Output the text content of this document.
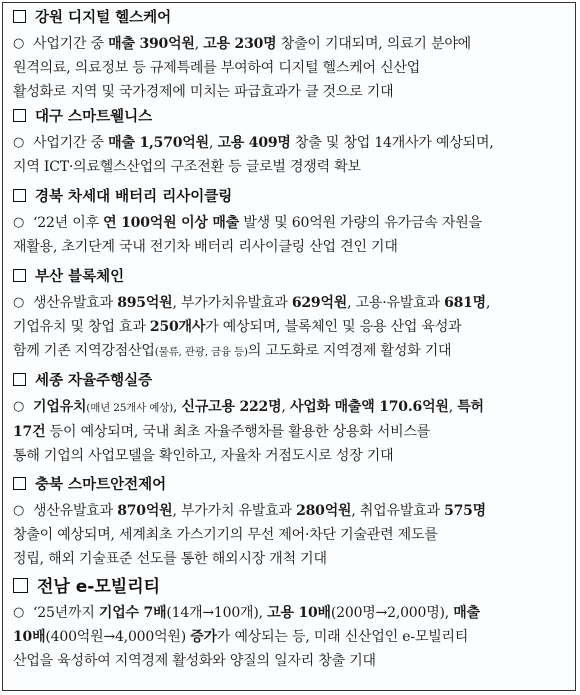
강원 디지털 헬스케어
○ 사업기간 중 매출 390억원, 고용 230명 창출이 기대되며, 의료기 분야에
원격의료, 의료정보 등 규제특례를 부여하여 디지털 헬스케어 신산업
활성화로 지역 및 국가경제에 미치는 파급효과가 클 것으로 기대
대구 스마트웰니스
○ 사업기간 중 매출 1,570억원, 고용 409명 창출 및 창업 14개사가 예상되며,
지역 ICT·의료헬스산업의 구조전환 등 글로벌 경쟁력 확보
경북 차세대 배터리 리사이클링
○ ‘22년 이후 연 100억원 이상 매출 발생 및 60억원 가량의 유가금속 자원을
재활용, 초기단계 국내 전기차 배터리 리사이클링 산업 견인 기대
부산 블록체인
○ 생산유발효과 895억원, 부가가치유발효과 629억원, 고용·유발효과 681명,
기업유치 및 창업 효과 250개사가 예상되며, 블록체인 및 응용 산업 육성과
함께 기존 지역강점산업(물류, 관광, 금융 등)의 고도화로 지역경제 활성화 기대
세종 자율주행실증
○ 기업유치(매년 25개사 예상), 신규고용 222명, 사업화 매출액 170.6억원, 특허
17건 등이 예상되며, 국내 최초 자율주행차를 활용한 상용화 서비스를
통해 기업의 사업모델을 확인하고, 자율차 거점도시로 성장 기대
충북 스마트안전제어
○ 생산유발효과 870억원, 부가가치 유발효과 280억원, 취업유발효과 575명
창출이 예상되며, 세계최초 가스기기의 무선 제어·차단 기술관련 제도를
정립, 해외 기술표준 선도를 통한 해외시장 개척 기대
전남 e-모빌리티
○ ‘25년까지 기업수 7배(14개→100개), 고용 10배(200명→2,000명), 매출
10배(400억원→4,000억원) 증가가 예상되는 등, 미래 신산업인 e-모빌리티
산업을 육성하여 지역경제 활성화와 양질의 일자리 창출 기대
